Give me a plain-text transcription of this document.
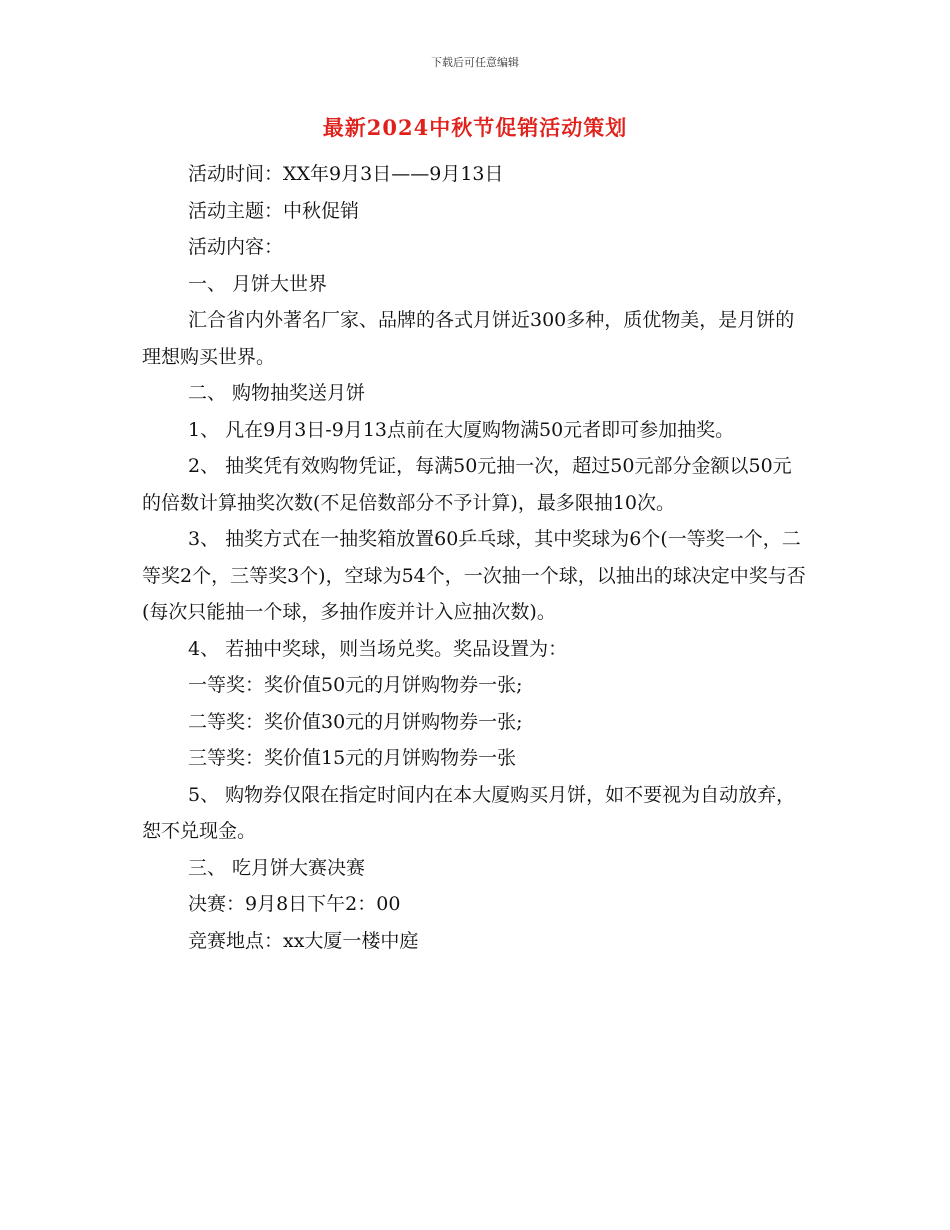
下载后可任意编辑
最新2024中秋节促销活动策划

活动时间：XX年9月3日——9月13日

活动主题：中秋促销

活动内容：

一、 月饼大世界

汇合省内外著名厂家、品牌的各式月饼近300多种，质优物美，是月饼的理想购买世界。

二、 购物抽奖送月饼

1、 凡在9月3日-9月13点前在大厦购物满50元者即可参加抽奖。

2、 抽奖凭有效购物凭证，每满50元抽一次，超过50元部分金额以50元的倍数计算抽奖次数(不足倍数部分不予计算)，最多限抽10次。

3、 抽奖方式在一抽奖箱放置60乒乓球，其中奖球为6个(一等奖一个，二等奖2个，三等奖3个)，空球为54个，一次抽一个球，以抽出的球决定中奖与否(每次只能抽一个球，多抽作废并计入应抽次数)。

4、 若抽中奖球，则当场兑奖。奖品设置为：

一等奖：奖价值50元的月饼购物券一张;

二等奖：奖价值30元的月饼购物券一张;

三等奖：奖价值15元的月饼购物券一张

5、 购物券仅限在指定时间内在本大厦购买月饼，如不要视为自动放弃，恕不兑现金。

三、 吃月饼大赛决赛

决赛：9月8日下午2：00

竞赛地点：xx大厦一楼中庭
